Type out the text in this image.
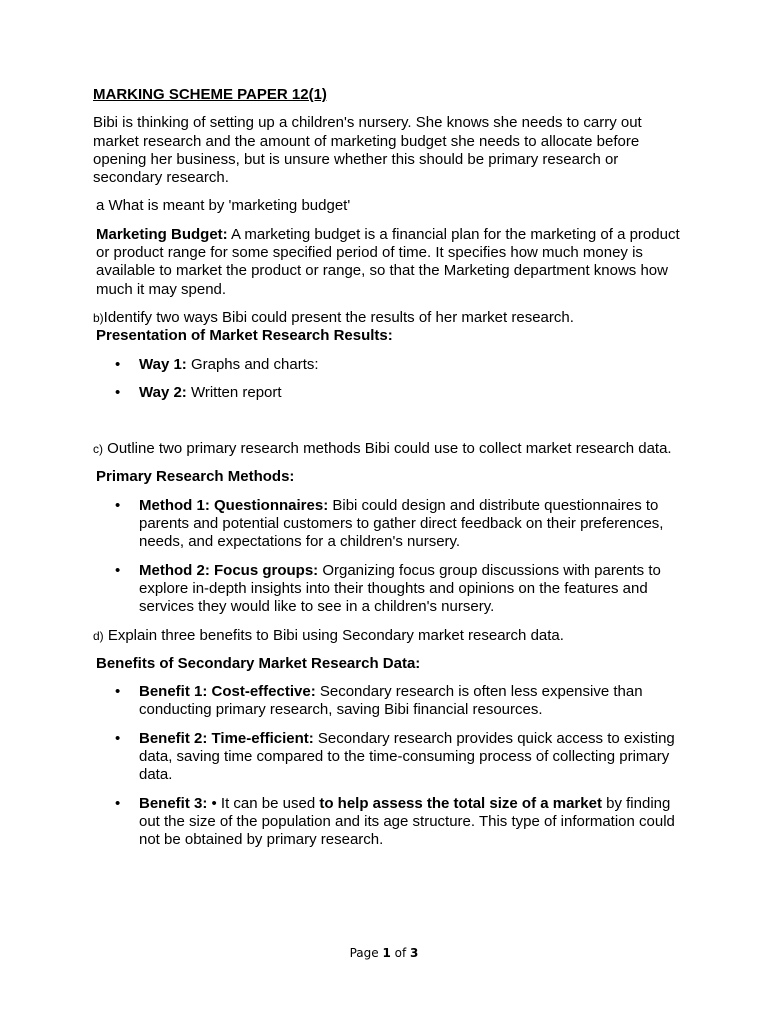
MARKING SCHEME PAPER 12(1)

Bibi is thinking of setting up a children's nursery. She knows she needs to carry out market research and the amount of marketing budget she needs to allocate before opening her business, but is unsure whether this should be primary research or secondary research.

a What is meant by 'marketing budget'

Marketing Budget: A marketing budget is a financial plan for the marketing of a product or product range for some specified period of time. It specifies how much money is available to market the product or range, so that the Marketing department knows how much it may spend.

b)Identify two ways Bibi could present the results of her market research.

Presentation of Market Research Results:

• Way 1: Graphs and charts:
• Way 2: Written report

c) Outline two primary research methods Bibi could use to collect market research data.

Primary Research Methods:

• Method 1: Questionnaires: Bibi could design and distribute questionnaires to parents and potential customers to gather direct feedback on their preferences, needs, and expectations for a children's nursery.
• Method 2: Focus groups: Organizing focus group discussions with parents to explore in-depth insights into their thoughts and opinions on the features and services they would like to see in a children's nursery.

d) Explain three benefits to Bibi using Secondary market research data.

Benefits of Secondary Market Research Data:

• Benefit 1: Cost-effective: Secondary research is often less expensive than conducting primary research, saving Bibi financial resources.
• Benefit 2: Time-efficient: Secondary research provides quick access to existing data, saving time compared to the time-consuming process of collecting primary data.
• Benefit 3: • It can be used to help assess the total size of a market by finding out the size of the population and its age structure. This type of information could not be obtained by primary research.
Page 1 of 3
